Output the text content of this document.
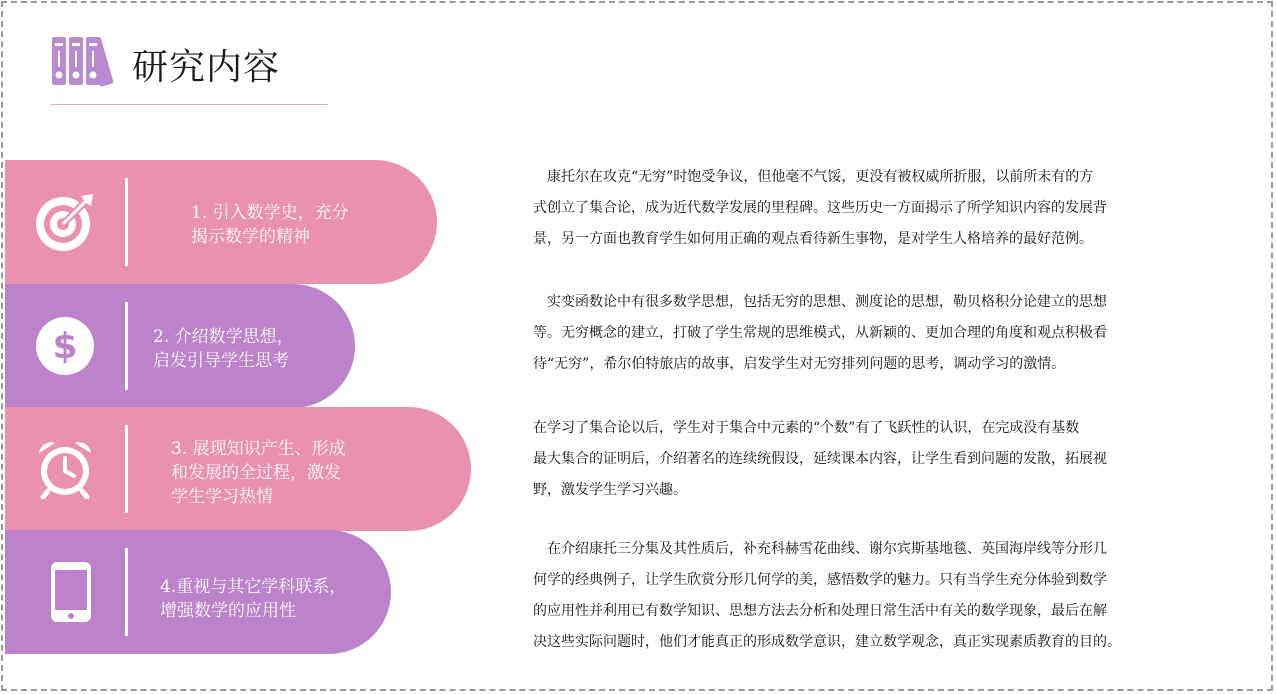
研究内容
1. 引入数学史，充分
揭示数学的精神
$	2. 介绍数学思想，
启发引导学生思考
3. 展现知识产生、形成
和发展的全过程，激发
学生学习热情
4.重视与其它学科联系，
增强数学的应用性
　康托尔在攻克“无穷”时饱受争议，但他毫不气馁，更没有被权威所折服，以前所未有的方
式创立了集合论，成为近代数学发展的里程碑。这些历史一方面揭示了所学知识内容的发展背
景，另一方面也教育学生如何用正确的观点看待新生事物，是对学生人格培养的最好范例。
　实变函数论中有很多数学思想，包括无穷的思想、测度论的思想，勒贝格积分论建立的思想
等。无穷概念的建立，打破了学生常规的思维模式，从新颖的、更加合理的角度和观点积极看
待“无穷”，希尔伯特旅店的故事，启发学生对无穷排列问题的思考，调动学习的激情。
在学习了集合论以后，学生对于集合中元素的“个数”有了飞跃性的认识，在完成没有基数
最大集合的证明后，介绍著名的连续统假设，延续课本内容，让学生看到问题的发散，拓展视
野，激发学生学习兴趣。
　在介绍康托三分集及其性质后，补充科赫雪花曲线、谢尔宾斯基地毯、英国海岸线等分形几
何学的经典例子，让学生欣赏分形几何学的美，感悟数学的魅力。只有当学生充分体验到数学
的应用性并利用已有数学知识、思想方法去分析和处理日常生活中有关的数学现象，最后在解
决这些实际问题时，他们才能真正的形成数学意识，建立数学观念，真正实现素质教育的目的。
